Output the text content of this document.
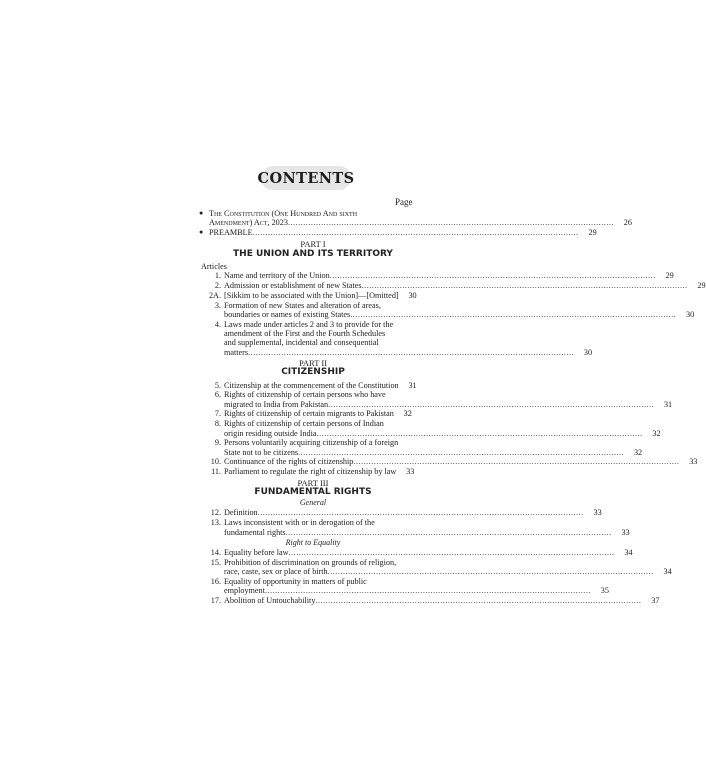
CONTENTS
Page
● The Constitution (One Hundred And sixth
Amendment) Act, 2023 .....	26
● PREAMBLE .....	29
PART I
THE UNION AND ITS TERRITORY
Articles
1. Name and territory of the Union .....	29
2. Admission or establishment of new States .....	29
2A. [Sikkim to be associated with the Union]—[Omitted]	30
3. Formation of new States and alteration of areas,
boundaries or names of existing States .....	30
4. Laws made under articles 2 and 3 to provide for the
amendment of the First and the Fourth Schedules
and supplemental, incidental and consequential
matters .....	30
PART II
CITIZENSHIP
5. Citizenship at the commencement of the Constitution	31
6. Rights of citizenship of certain persons who have
migrated to India from Pakistan .....	31
7. Rights of citizenship of certain migrants to Pakistan	32
8. Rights of citizenship of certain persons of Indian
origin residing outside India .....	32
9. Persons voluntarily acquiring citizenship of a foreign
State not to be citizens .....	32
10. Continuance of the rights of citizenship .....	33
11. Parliament to regulate the right of citizenship by law	33
PART III
FUNDAMENTAL RIGHTS
General
12. Definition .....	33
13. Laws inconsistent with or in derogation of the
fundamental rights .....	33
Right to Equality
14. Equality before law .....	34
15. Prohibition of discrimination on grounds of religion,
race, caste, sex or place of birth .....	34
16. Equality of opportunity in matters of public
employment .....	35
17. Abolition of Untouchability .....	37
